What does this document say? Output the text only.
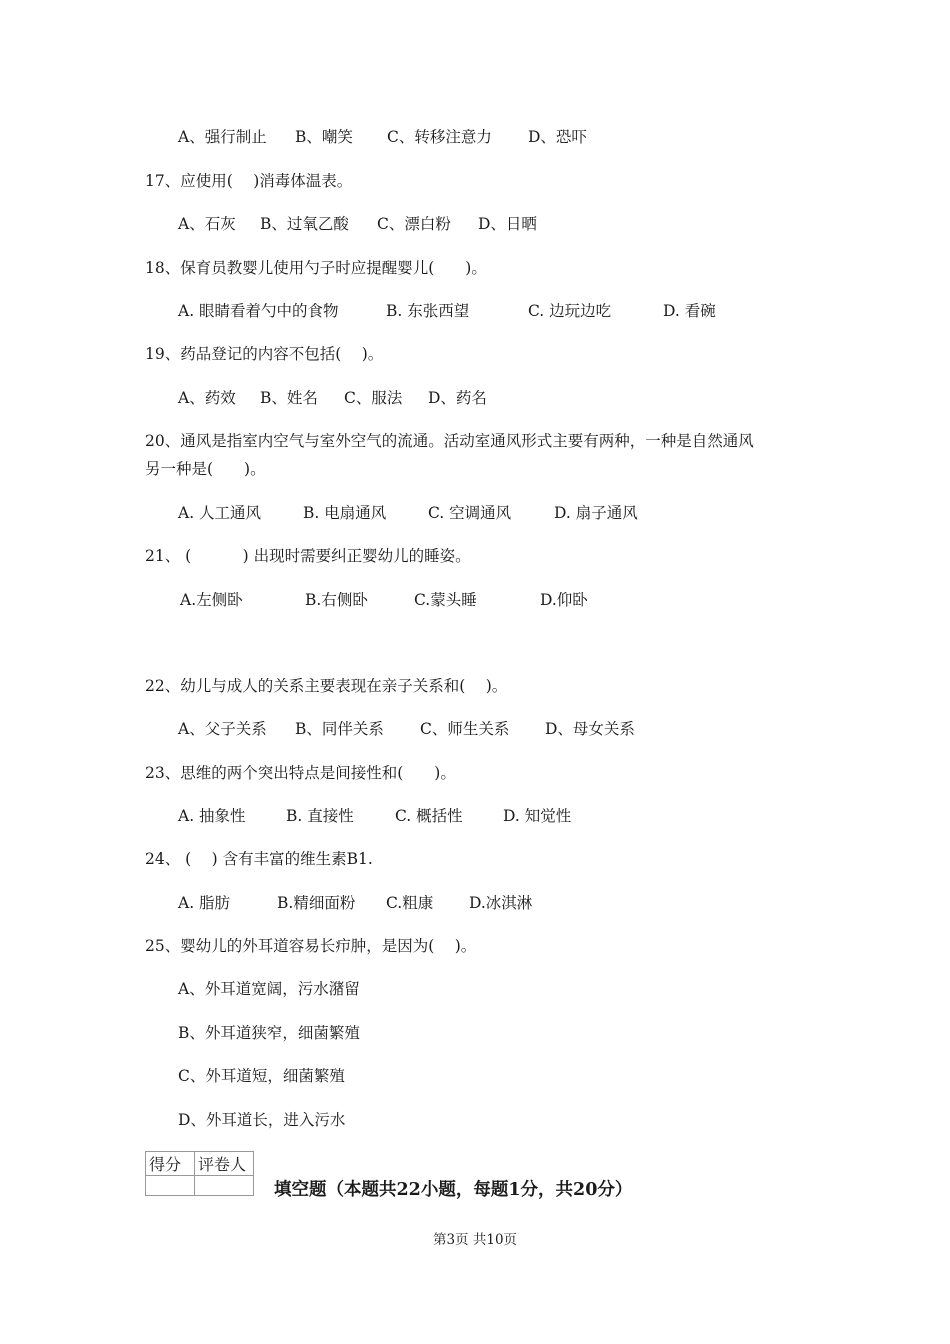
A、强行制止 B、嘲笑 C、转移注意力 D、恐吓
17、应使用(　 )消毒体温表。
A、石灰 B、过氧乙酸 C、漂白粉 D、日晒
18、保育员教婴儿使用勺子时应提醒婴儿(　　)。
A. 眼睛看着勺中的食物	B. 东张西望	C. 边玩边吃	D. 看碗
19、药品登记的内容不包括(　 )。
A、药效 B、姓名 C、服法 D、药名
20、通风是指室内空气与室外空气的流通。活动室通风形式主要有两种，一种是自然通风
另一种是(　　)。
A. 人工通风	B. 电扇通风	C. 空调通风	D. 扇子通风
21、 (　　　 ) 出现时需要纠正婴幼儿的睡姿。
A.左侧卧	B.右侧卧	C.蒙头睡	D.仰卧
22、幼儿与成人的关系主要表现在亲子关系和(　 )。
A、父子关系 B、同伴关系 C、师生关系 D、母女关系
23、思维的两个突出特点是间接性和(　　)。
A. 抽象性	B. 直接性	C. 概括性	D. 知觉性
24、 (　 ) 含有丰富的维生素B1.
A. 脂肪	B.精细面粉 C.粗康 D.冰淇淋
25、婴幼儿的外耳道容易长疖肿，是因为(　 )。
A、外耳道宽阔，污水潴留
B、外耳道狭窄，细菌繁殖
C、外耳道短，细菌繁殖
D、外耳道长，进入污水
得分	评卷人

填空题（本题共22小题，每题1分，共20分）
第3页 共10页
